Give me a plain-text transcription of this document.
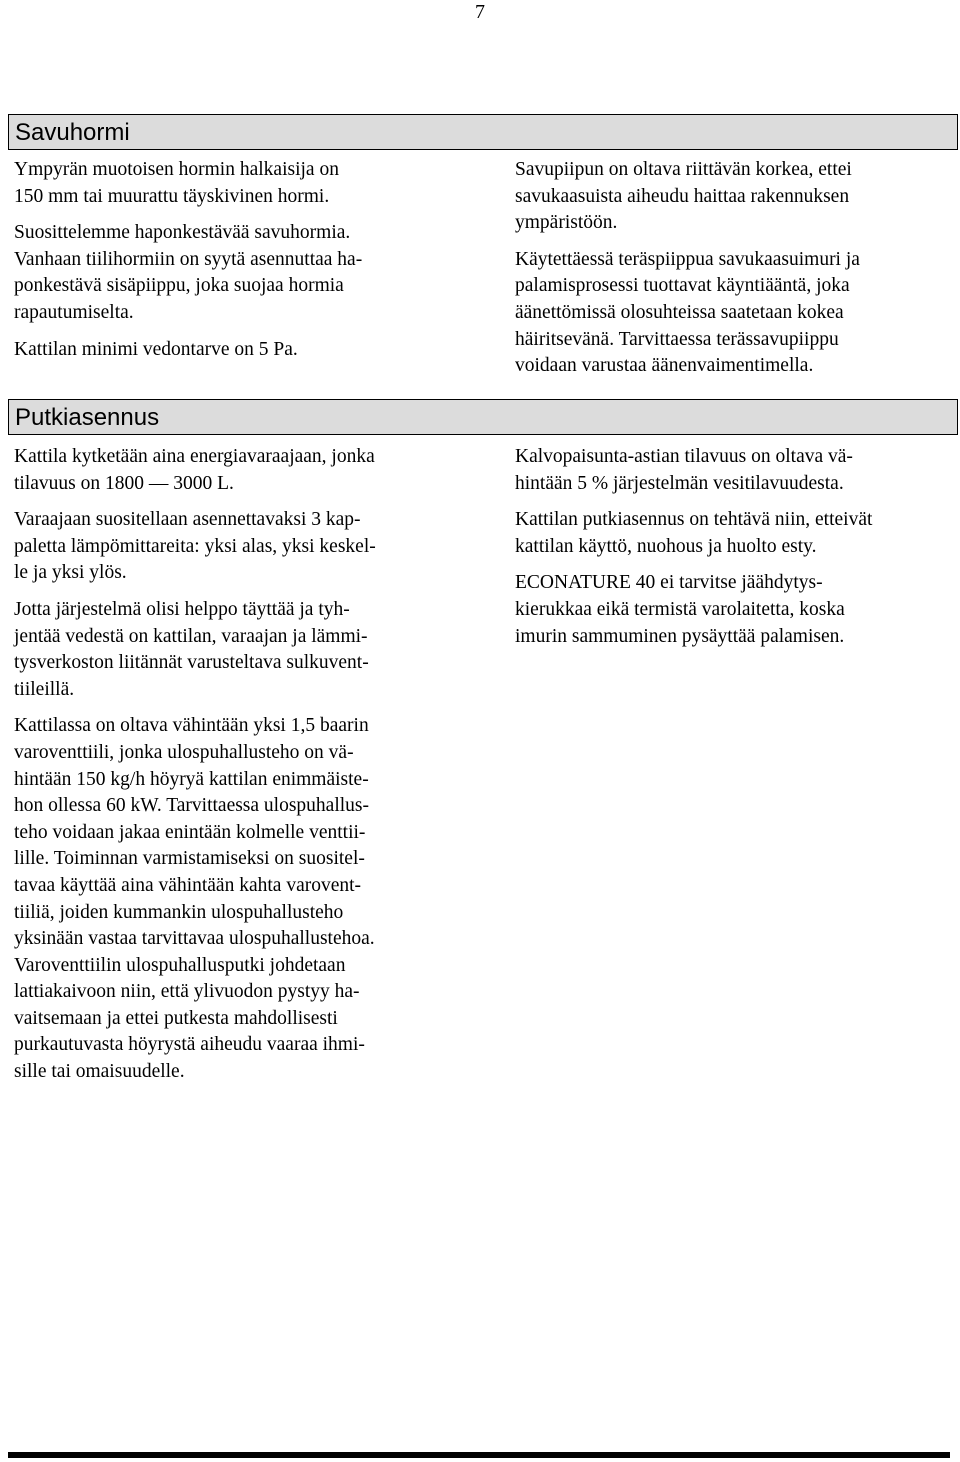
7
Savuhormi

Ympyrän muotoisen hormin halkaisija on
150 mm tai muurattu täyskivinen hormi.

Suosittelemme haponkestävää savuhormia.
Vanhaan tiilihormiin on syytä asennuttaa ha-
ponkestävä sisäpiippu, joka suojaa hormia
rapautumiselta.

Kattilan minimi vedontarve on 5 Pa.

Savupiipun on oltava riittävän korkea, ettei
savukaasuista aiheudu haittaa rakennuksen
ympäristöön.

Käytettäessä teräspiippua savukaasuimuri ja
palamisprosessi tuottavat käyntiääntä, joka
äänettömissä olosuhteissa saatetaan kokea
häiritsevänä. Tarvittaessa terässavupiippu
voidaan varustaa äänenvaimentimella.

Putkiasennus

Kattila kytketään aina energiavaraajaan, jonka
tilavuus on 1800 — 3000 L.

Varaajaan suositellaan asennettavaksi 3 kap-
paletta lämpömittareita: yksi alas, yksi keskel-
le ja yksi ylös.

Jotta järjestelmä olisi helppo täyttää ja tyh-
jentää vedestä on kattilan, varaajan ja lämmi-
tysverkoston liitännät varusteltava sulkuvent-
tiileillä.

Kattilassa on oltava vähintään yksi 1,5 baarin
varoventtiili, jonka ulospuhallusteho on vä-
hintään 150 kg/h höyryä kattilan enimmäiste-
hon ollessa 60 kW. Tarvittaessa ulospuhallus-
teho voidaan jakaa enintään kolmelle venttii-
lille. Toiminnan varmistamiseksi on suositel-
tavaa käyttää aina vähintään kahta varovent-
tiiliä, joiden kummankin ulospuhallusteho
yksinään vastaa tarvittavaa ulospuhallustehoa.
Varoventtiilin ulospuhallusputki johdetaan
lattiakaivoon niin, että ylivuodon pystyy ha-
vaitsemaan ja ettei putkesta mahdollisesti
purkautuvasta höyrystä aiheudu vaaraa ihmi-
sille tai omaisuudelle.

Kalvopaisunta-astian tilavuus on oltava vä-
hintään 5 % järjestelmän vesitilavuudesta.

Kattilan putkiasennus on tehtävä niin, etteivät
kattilan käyttö, nuohous ja huolto esty.

ECONATURE 40 ei tarvitse jäähdytys-
kierukkaa eikä termistä varolaitetta, koska
imurin sammuminen pysäyttää palamisen.
